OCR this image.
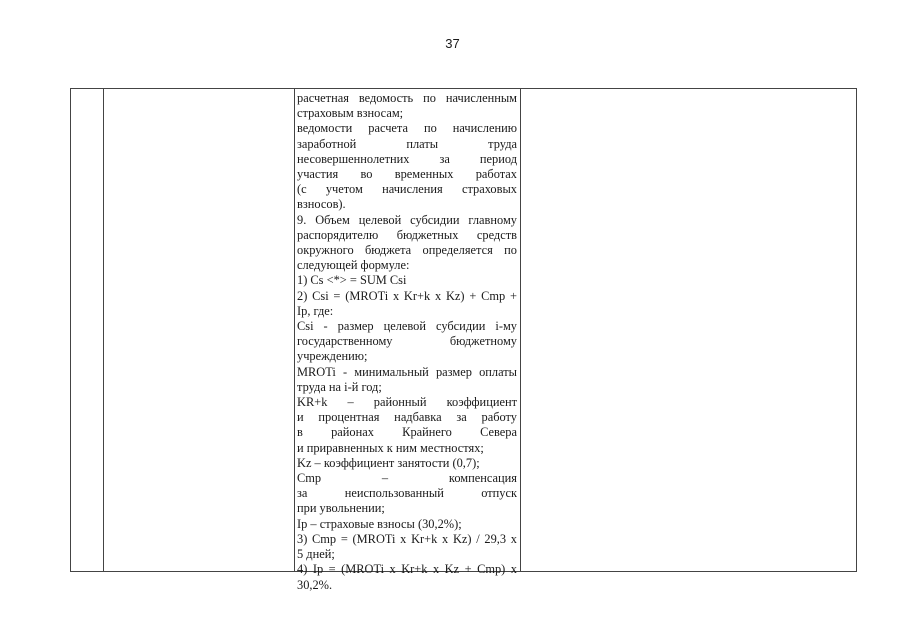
37

расчетная ведомость по начисленным

страховым взносам;

ведомости расчета по начислению

заработной платы труда

несовершеннолетних за период

участия во временных работах

(с учетом начисления страховых

взносов).

9. Объем целевой субсидии главному

распорядителю бюджетных средств

окружного бюджета определяется по

следующей формуле:

1) Cs <*> = SUM Csi

2) Csi = (MROTi x Kr+k x Kz) + Cmp +

Ip, где:

Csi - размер целевой субсидии i-му

государственному бюджетному

учреждению;

MROTi - минимальный размер оплаты

труда на i-й год;

KR+k – районный коэффициент

и процентная надбавка за работу

в районах Крайнего Севера

и приравненных к ним местностях;

Kz – коэффициент занятости (0,7);

Cmp – компенсация

за неиспользованный отпуск

при увольнении;

Ip – страховые взносы (30,2%);

3) Cmp = (MROTi x Kr+k x Kz) / 29,3 x

5 дней;

4) Ip = (MROTi x Kr+k x Kz + Cmp) x

30,2%.
